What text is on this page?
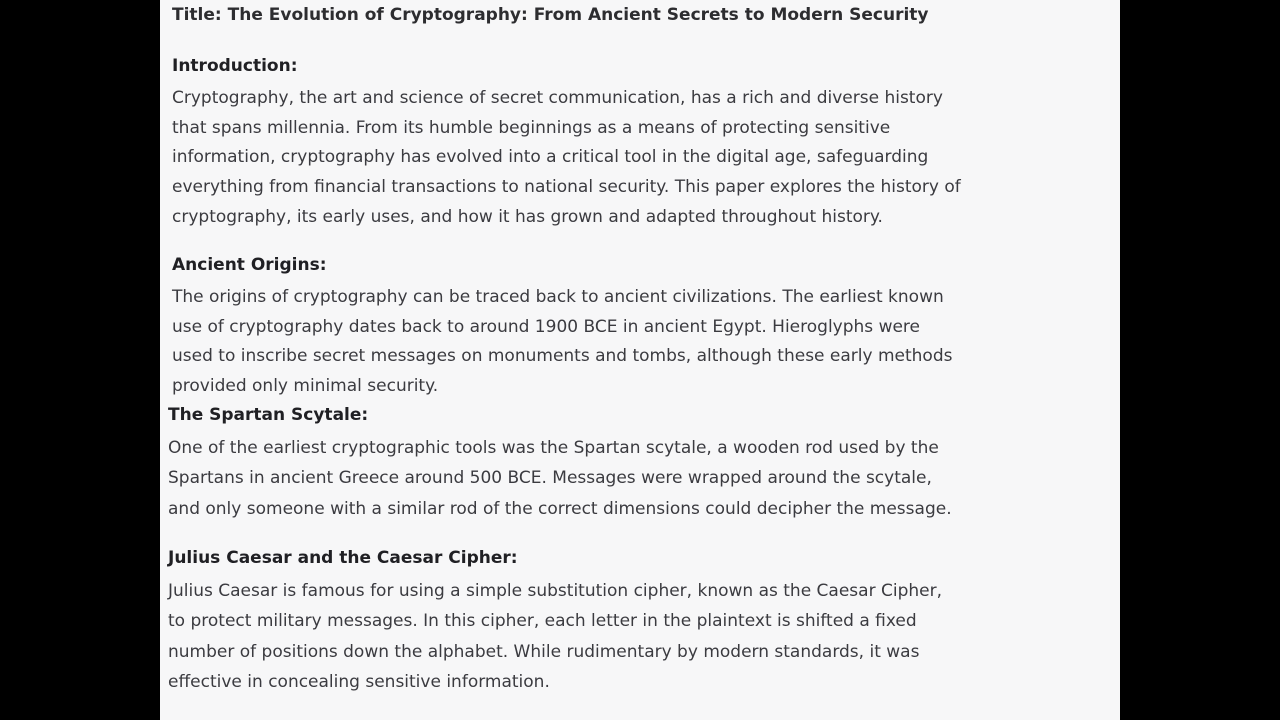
Title: The Evolution of Cryptography: From Ancient Secrets to Modern Security
Introduction:

Cryptography, the art and science of secret communication, has a rich and diverse history
that spans millennia. From its humble beginnings as a means of protecting sensitive
information, cryptography has evolved into a critical tool in the digital age, safeguarding
everything from financial transactions to national security. This paper explores the history of
cryptography, its early uses, and how it has grown and adapted throughout history.

Ancient Origins:

The origins of cryptography can be traced back to ancient civilizations. The earliest known
use of cryptography dates back to around 1900 BCE in ancient Egypt. Hieroglyphs were
used to inscribe secret messages on monuments and tombs, although these early methods
provided only minimal security.

The Spartan Scytale:

One of the earliest cryptographic tools was the Spartan scytale, a wooden rod used by the
Spartans in ancient Greece around 500 BCE. Messages were wrapped around the scytale,
and only someone with a similar rod of the correct dimensions could decipher the message.

Julius Caesar and the Caesar Cipher:

Julius Caesar is famous for using a simple substitution cipher, known as the Caesar Cipher,
to protect military messages. In this cipher, each letter in the plaintext is shifted a fixed
number of positions down the alphabet. While rudimentary by modern standards, it was
effective in concealing sensitive information.
